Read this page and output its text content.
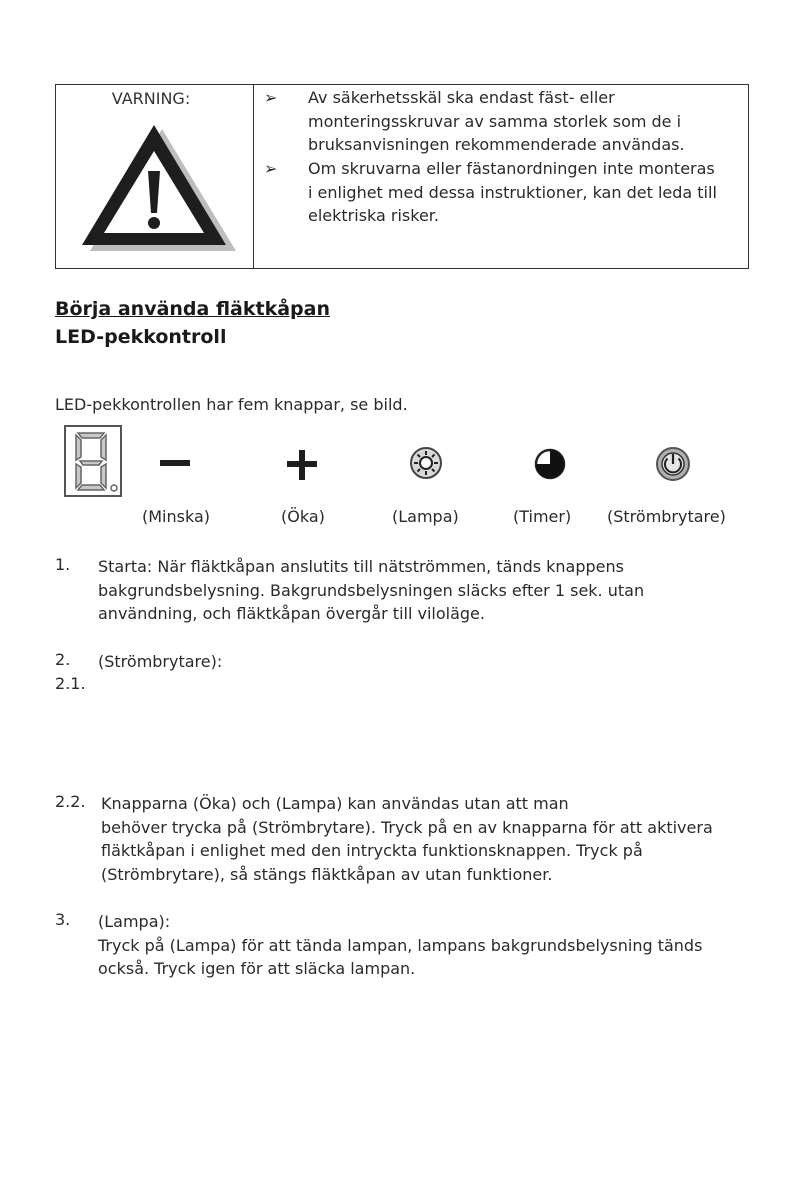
VARNING:	➢ Av säkerhetsskäl ska endast fäst- eller
monteringsskruvar av samma storlek som de i
bruksanvisningen rekommenderade användas.
➢ Om skruvarna eller fästanordningen inte monteras
i enlighet med dessa instruktioner, kan det leda till
elektriska risker.
Börja använda fläktkåpan
LED-pekkontroll
LED-pekkontrollen har fem knappar, se bild.
(Minska)	(Öka)	(Lampa)	(Timer) (Strömbrytare)
1. Starta: När fläktkåpan anslutits till nätströmmen, tänds knappens
bakgrundsbelysning. Bakgrundsbelysningen släcks efter 1 sek. utan
användning, och fläktkåpan övergår till viloläge.
2. (Strömbrytare):
2.1.
2.2. Knapparna (Öka) och (Lampa) kan användas utan att man
behöver trycka på (Strömbrytare). Tryck på en av knapparna för att aktivera
fläktkåpan i enlighet med den intryckta funktionsknappen. Tryck på
(Strömbrytare), så stängs fläktkåpan av utan funktioner.
3. (Lampa):
Tryck på (Lampa) för att tända lampan, lampans bakgrundsbelysning tänds
också. Tryck igen för att släcka lampan.
